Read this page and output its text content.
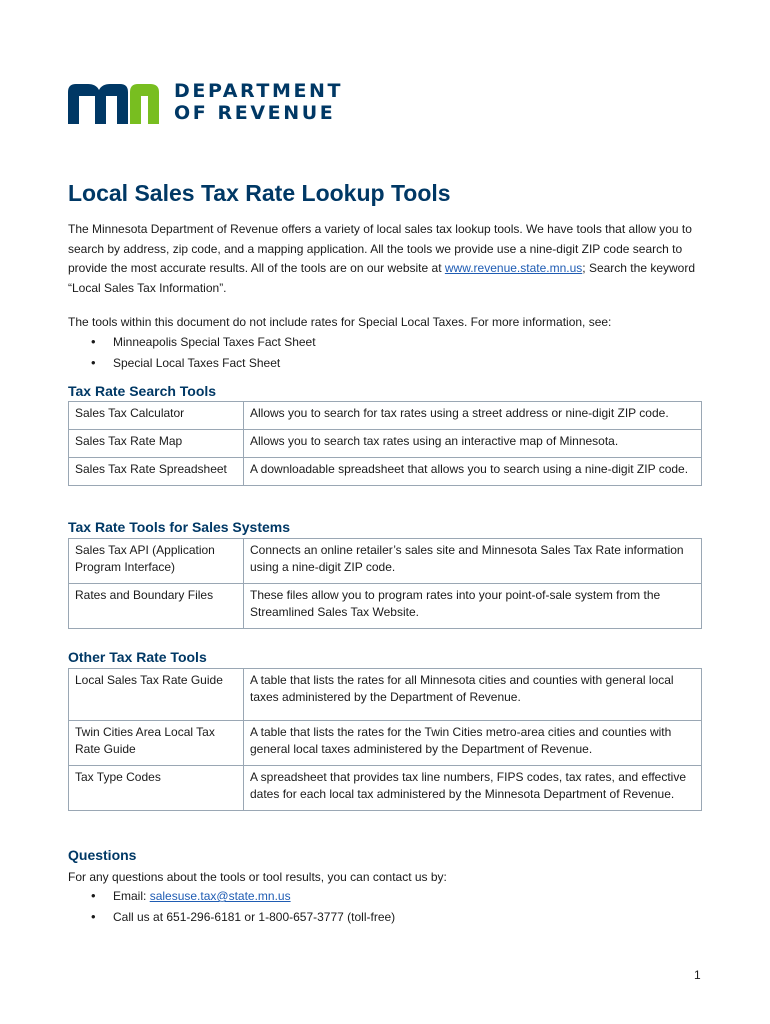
DEPARTMENT
OF REVENUE
Local Sales Tax Rate Lookup Tools

The Minnesota Department of Revenue offers a variety of local sales tax lookup tools. We have tools that allow you to search by address, zip code, and a mapping application. All the tools we provide use a nine-digit ZIP code search to provide the most accurate results. All of the tools are on our website at www.revenue.state.mn.us; Search the keyword “Local Sales Tax Information”.

The tools within this document do not include rates for Special Local Taxes. For more information, see:

• Minneapolis Special Taxes Fact Sheet
• Special Local Taxes Fact Sheet
Tax Rate Search Tools
Sales Tax Calculator	Allows you to search for tax rates using a street address or nine-digit ZIP code.
Sales Tax Rate Map	Allows you to search tax rates using an interactive map of Minnesota.
Sales Tax Rate Spreadsheet	A downloadable spreadsheet that allows you to search using a nine-digit ZIP code.
Tax Rate Tools for Sales Systems
Sales Tax API (Application Program Interface)	Connects an online retailer’s sales site and Minnesota Sales Tax Rate information using a nine-digit ZIP code.
Rates and Boundary Files	These files allow you to program rates into your point-of-sale system from the Streamlined Sales Tax Website.
Other Tax Rate Tools
Local Sales Tax Rate Guide	A table that lists the rates for all Minnesota cities and counties with general local taxes administered by the Department of Revenue.
Twin Cities Area Local Tax Rate Guide	A table that lists the rates for the Twin Cities metro-area cities and counties with general local taxes administered by the Department of Revenue.
Tax Type Codes	A spreadsheet that provides tax line numbers, FIPS codes, tax rates, and effective dates for each local tax administered by the Minnesota Department of Revenue.
Questions

For any questions about the tools or tool results, you can contact us by:

• Email: salesuse.tax@state.mn.us
• Call us at 651-296-6181 or 1-800-657-3777 (toll-free)
1
